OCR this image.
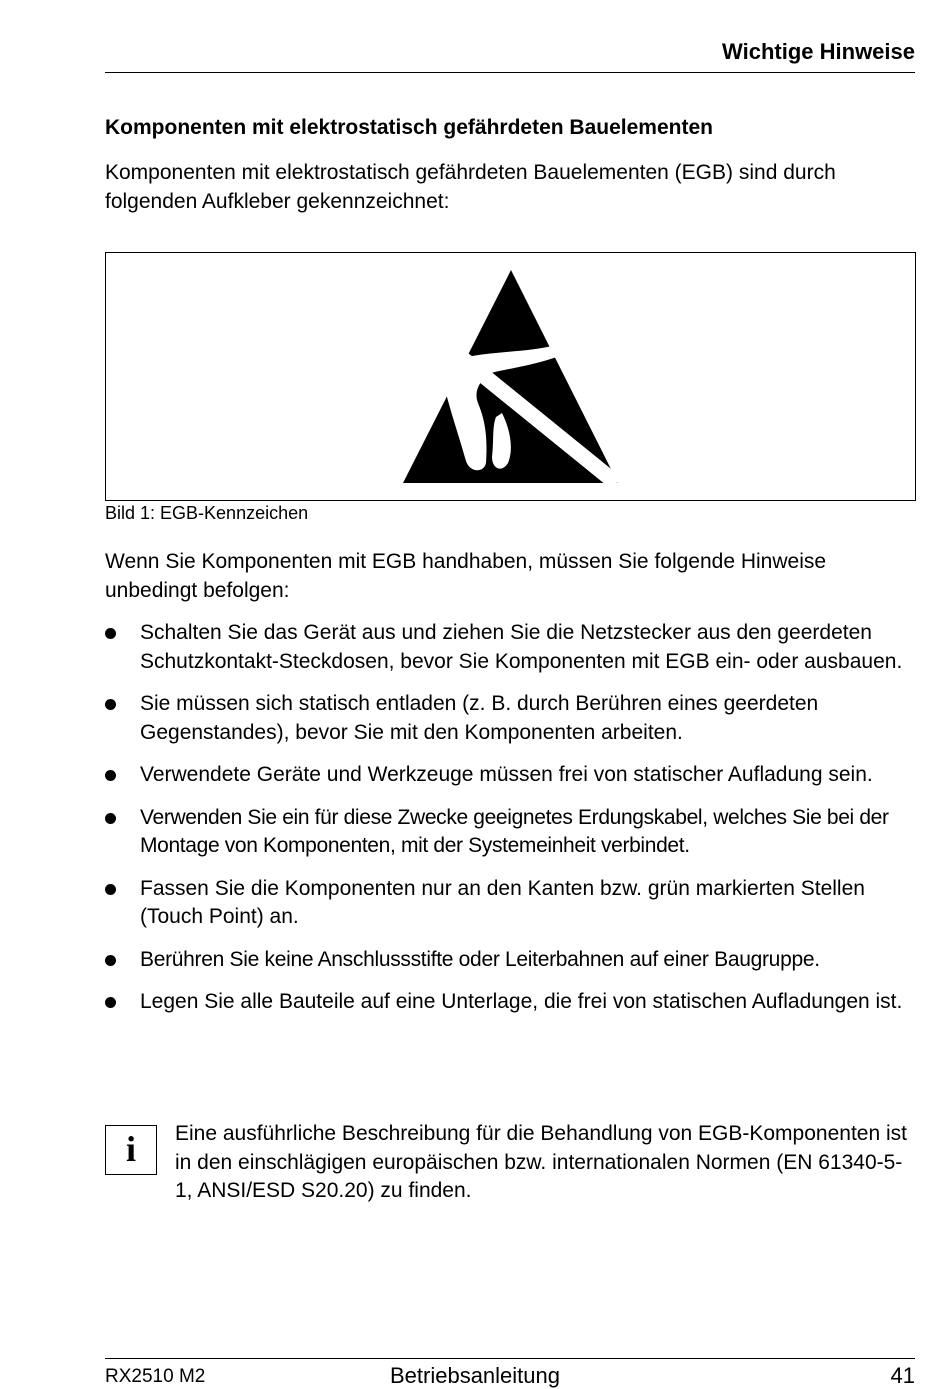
Wichtige Hinweise
Komponenten mit elektrostatisch gefährdeten Bauelementen
Komponenten mit elektrostatisch gefährdeten Bauelementen (EGB) sind durch folgenden Aufkleber gekennzeichnet:
Bild 1: EGB-Kennzeichen
Wenn Sie Komponenten mit EGB handhaben, müssen Sie folgende Hinweise unbedingt befolgen:
Schalten Sie das Gerät aus und ziehen Sie die Netzstecker aus den geerdeten Schutzkontakt-Steckdosen, bevor Sie Komponenten mit EGB ein- oder ausbauen.
Sie müssen sich statisch entladen (z. B. durch Berühren eines geerdeten Gegenstandes), bevor Sie mit den Komponenten arbeiten.
Verwendete Geräte und Werkzeuge müssen frei von statischer Aufladung sein.
Verwenden Sie ein für diese Zwecke geeignetes Erdungskabel, welches Sie bei der Montage von Komponenten, mit der Systemeinheit verbindet.
Fassen Sie die Komponenten nur an den Kanten bzw. grün markierten Stellen (Touch Point) an.
Berühren Sie keine Anschlussstifte oder Leiterbahnen auf einer Baugruppe.
Legen Sie alle Bauteile auf eine Unterlage, die frei von statischen Aufladungen ist.
i	Eine ausführliche Beschreibung für die Behandlung von EGB-Komponenten ist in den einschlägigen europäischen bzw. internationalen Normen (EN 61340-5-1, ANSI/ESD S20.20) zu finden.
RX2510 M2	Betriebsanleitung	41
